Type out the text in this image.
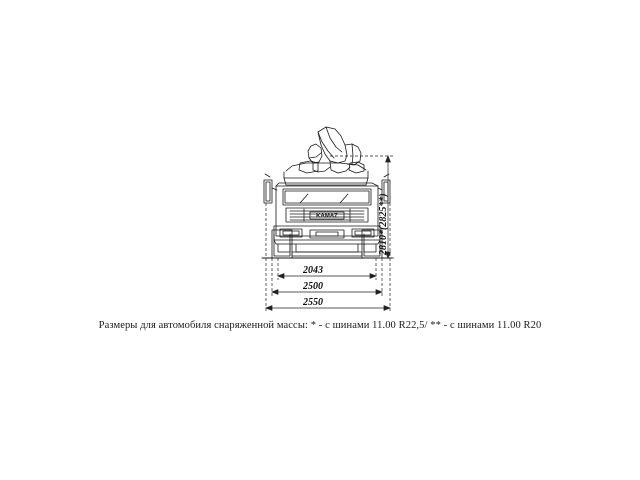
KAMAZ
2043
2500
2550
Размеры для автомобиля снаряженной массы: * - с шинами 11.00 R22,5/ ** - с шинами 11.00 R20
